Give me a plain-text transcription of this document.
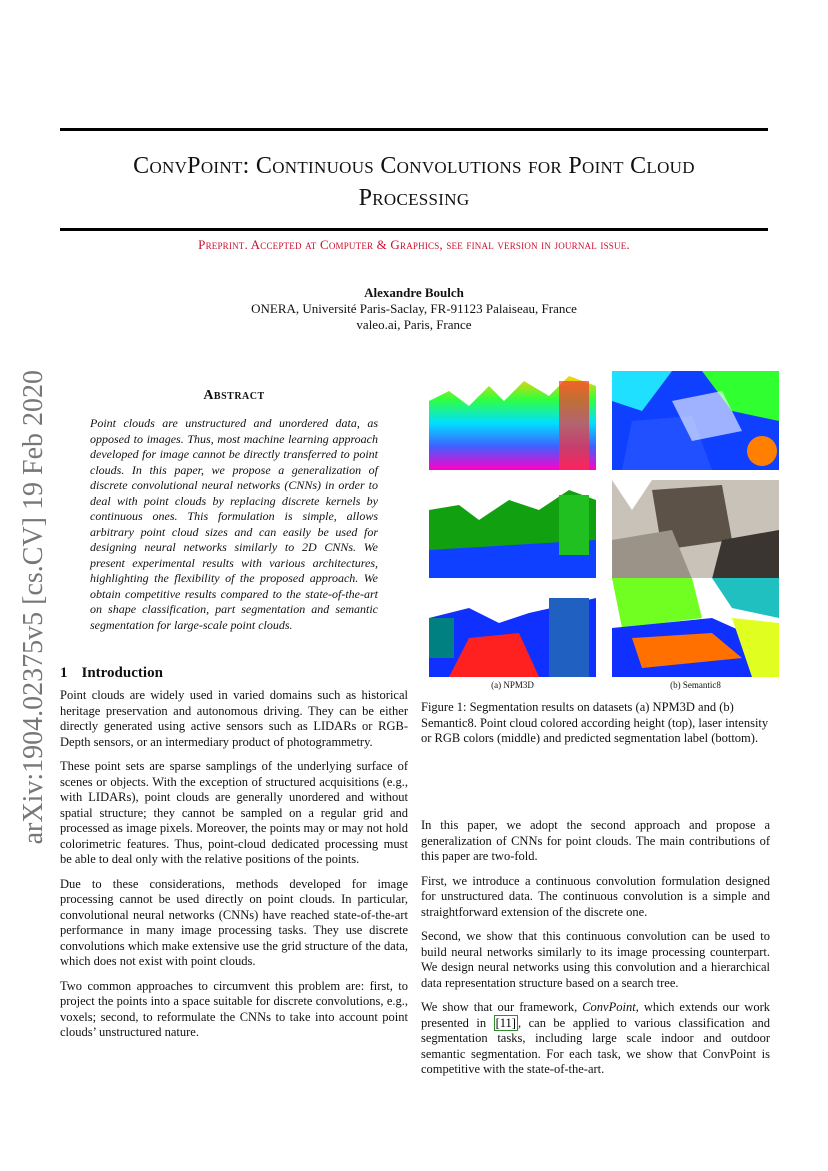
ConvPoint: Continuous Convolutions for Point Cloud
Processing
Preprint. Accepted at Computer & Graphics, see final version in journal issue.
Alexandre Boulch
ONERA, Université Paris-Saclay, FR-91123 Palaiseau, France
valeo.ai, Paris, France
arXiv:1904.02375v5 [cs.CV] 19 Feb 2020	Abstract
Point clouds are unstructured and unordered data, as opposed to images. Thus, most machine learning approach developed for image cannot be directly transferred to point clouds. In this paper, we propose a generalization of discrete convolutional neural networks (CNNs) in order to deal with point clouds by replacing discrete kernels by continuous ones. This formulation is simple, allows arbitrary point cloud sizes and can easily be used for designing neural networks similarly to 2D CNNs. We present experimental results with various architectures, highlighting the flexibility of the proposed approach. We obtain competitive results compared to the state-of-the-art on shape classification, part segmentation and semantic segmentation for large-scale point clouds.
1 Introduction

Point clouds are widely used in varied domains such as historical heritage preservation and autonomous driving. They can be either directly generated using active sensors such as LIDARs or RGB-Depth sensors, or an intermediary product of photogrammetry.

These point sets are sparse samplings of the underlying surface of scenes or objects. With the exception of structured acquisitions (e.g., with LIDARs), point clouds are generally unordered and without spatial structure; they cannot be sampled on a regular grid and processed as image pixels. Moreover, the points may or may not hold colorimetric features. Thus, point-cloud dedicated processing must be able to deal only with the relative positions of the points.

Due to these considerations, methods developed for image processing cannot be used directly on point clouds. In particular, convolutional neural networks (CNNs) have reached state-of-the-art performance in many image processing tasks. They use discrete convolutions which make extensive use the grid structure of the data, which does not exist with point clouds.

Two common approaches to circumvent this problem are: first, to project the points into a space suitable for discrete convolutions, e.g., voxels; second, to reformulate the CNNs to take into account point clouds’ unstructured nature.

(a) NPM3D	(b) Semantic8
Figure 1: Segmentation results on datasets (a) NPM3D and (b) Semantic8. Point cloud colored according height (top), laser intensity or RGB colors (middle) and predicted segmentation label (bottom).

In this paper, we adopt the second approach and propose a generalization of CNNs for point clouds. The main contributions of this paper are two-fold.

First, we introduce a continuous convolution formulation designed for unstructured data. The continuous convolution is a simple and straightforward extension of the discrete one.

Second, we show that this continuous convolution can be used to build neural networks similarly to its image processing counterpart. We design neural networks using this convolution and a hierarchical data representation structure based on a search tree.

We show that our framework, ConvPoint, which extends our work presented in [11] , can be applied to various classification and segmentation tasks, including large scale indoor and outdoor semantic segmentation. For each task, we show that ConvPoint is competitive with the state-of-the-art.
